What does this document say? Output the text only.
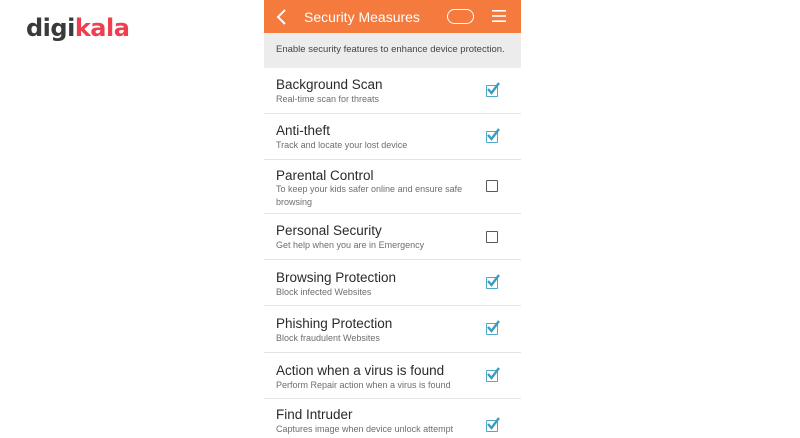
digikala	Security Measures
Enable security features to enhance device protection.
Background Scan
Real-time scan for threats
Anti-theft
Track and locate your lost device
Parental Control
To keep your kids safer online and ensure safe browsing
Personal Security
Get help when you are in Emergency
Browsing Protection
Block infected Websites
Phishing Protection
Block fraudulent Websites
Action when a virus is found
Perform Repair action when a virus is found
Find Intruder
Captures image when device unlock attempt
